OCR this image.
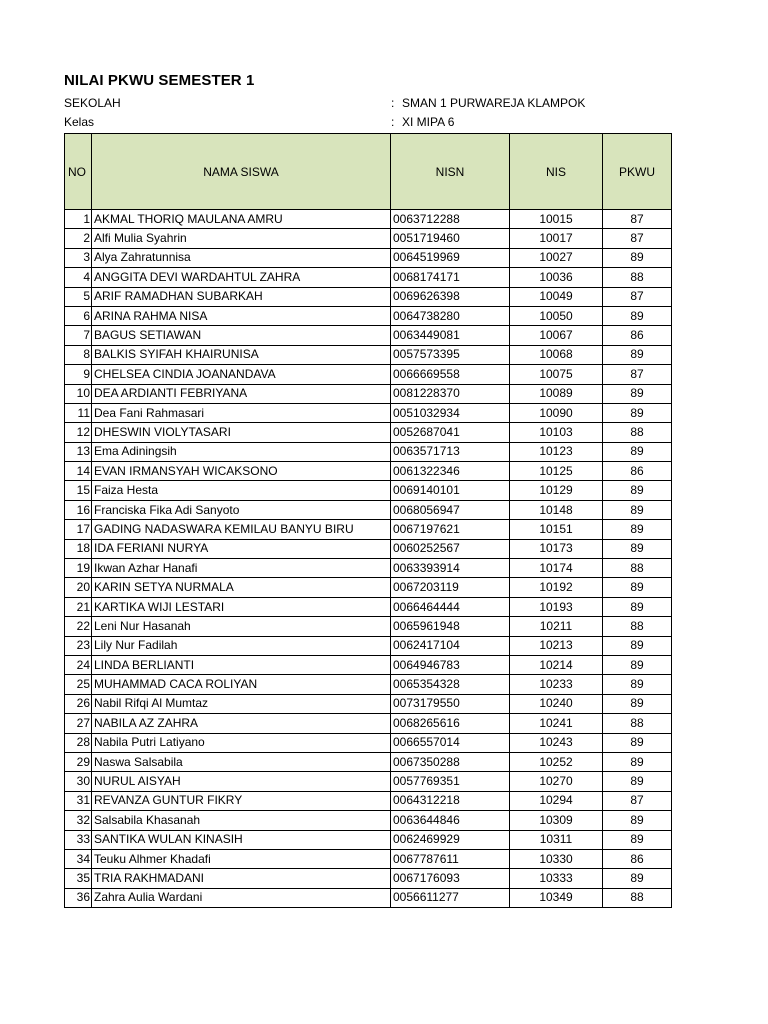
NILAI PKWU SEMESTER 1
SEKOLAH	: SMAN 1 PURWAREJA KLAMPOK
Kelas	: XI MIPA 6
NO	NAMA SISWA	NISN	NIS	PKWU
1	AKMAL THORIQ MAULANA AMRU	0063712288	10015	87
2	Alfi Mulia Syahrin	0051719460	10017	87
3	Alya Zahratunnisa	0064519969	10027	89
4	ANGGITA DEVI WARDAHTUL ZAHRA	0068174171	10036	88
5	ARIF RAMADHAN SUBARKAH	0069626398	10049	87
6	ARINA RAHMA NISA	0064738280	10050	89
7	BAGUS SETIAWAN	0063449081	10067	86
8	BALKIS SYIFAH KHAIRUNISA	0057573395	10068	89
9	CHELSEA CINDIA JOANANDAVA	0066669558	10075	87
10	DEA ARDIANTI FEBRIYANA	0081228370	10089	89
11	Dea Fani Rahmasari	0051032934	10090	89
12	DHESWIN VIOLYTASARI	0052687041	10103	88
13	Ema Adiningsih	0063571713	10123	89
14	EVAN IRMANSYAH WICAKSONO	0061322346	10125	86
15	Faiza Hesta	0069140101	10129	89
16	Franciska Fika Adi Sanyoto	0068056947	10148	89
17	GADING NADASWARA KEMILAU BANYU BIRU	0067197621	10151	89
18	IDA FERIANI NURYA	0060252567	10173	89
19	Ikwan Azhar Hanafi	0063393914	10174	88
20	KARIN SETYA NURMALA	0067203119	10192	89
21	KARTIKA WIJI LESTARI	0066464444	10193	89
22	Leni Nur Hasanah	0065961948	10211	88
23	Lily Nur Fadilah	0062417104	10213	89
24	LINDA BERLIANTI	0064946783	10214	89
25	MUHAMMAD CACA ROLIYAN	0065354328	10233	89
26	Nabil Rifqi Al Mumtaz	0073179550	10240	89
27	NABILA AZ ZAHRA	0068265616	10241	88
28	Nabila Putri Latiyano	0066557014	10243	89
29	Naswa Salsabila	0067350288	10252	89
30	NURUL AISYAH	0057769351	10270	89
31	REVANZA GUNTUR FIKRY	0064312218	10294	87
32	Salsabila Khasanah	0063644846	10309	89
33	SANTIKA WULAN KINASIH	0062469929	10311	89
34	Teuku Alhmer Khadafi	0067787611	10330	86
35	TRIA RAKHMADANI	0067176093	10333	89
36	Zahra Aulia Wardani	0056611277	10349	88
